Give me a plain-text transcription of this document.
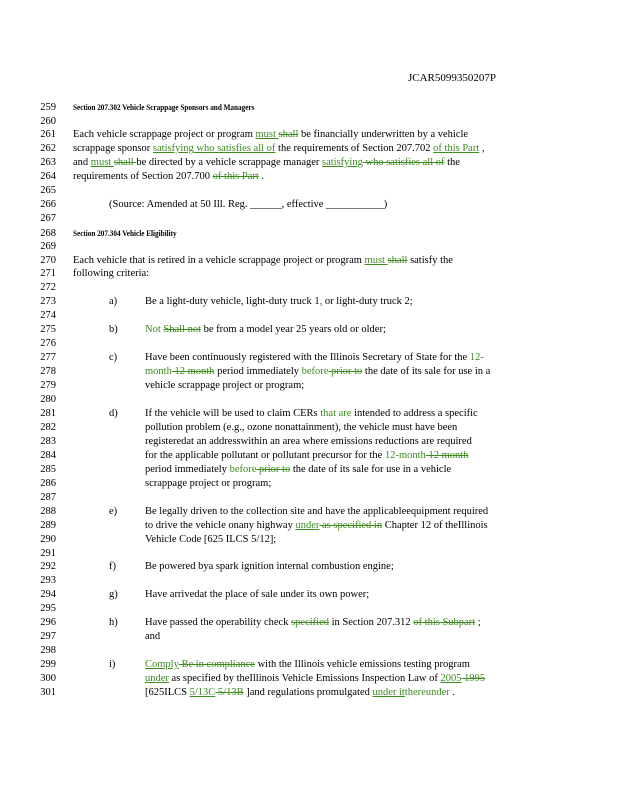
JCAR5099350207P
259
260
261
262
263
264
265
266
267
268
269
270
271
272
273
274
275
276
277
278
279
280
281
282
283
284
285
286
287
288
289
290
291
292
293
294
295
296
297
298
299
300
301
Section 207.302 Vehicle Scrappage Sponsors and Managers
Each vehicle scrappage project or program must shall be financially underwritten by a vehicle
scrappage sponsor satisfying who satisfies all of the requirements of Section 207.702 of this Part ,
and must shall be directed by a vehicle scrappage manager satisfying who satisfies all of the
requirements of Section 207.700 of this Part .
(Source: Amended at 50 Ill. Reg. ______, effective ___________)
Section 207.304 Vehicle Eligibility
Each vehicle that is retired in a vehicle scrappage project or program must shall satisfy the
following criteria:
a)	Be a light-duty vehicle, light-duty truck 1, or light-duty truck 2;
b)	Not Shall not be from a model year 25 years old or older;
c)	Have been continuously registered with the Illinois Secretary of State for the 12-
month 12 month period immediately before prior to the date of its sale for use in a
vehicle scrappage project or program;
d)	If the vehicle will be used to claim CERs that are intended to address a specific
pollution problem (e.g., ozone nonattainment), the vehicle must have been
registeredat an addresswithin an area where emissions reductions are required
for the applicable pollutant or pollutant precursor for the 12-month 12 month
period immediately before prior to the date of its sale for use in a vehicle
scrappage project or program;
e)	Be legally driven to the collection site and have the applicableequipment required
to drive the vehicle onany highway under as specified in Chapter 12 of theIllinois
Vehicle Code [625 ILCS 5/12];
f)	Be powered bya spark ignition internal combustion engine;
g)	Have arrivedat the place of sale under its own power;
h)	Have passed the operability check specified in Section 207.312 of this Subpart ;
and
i)	Comply Be in compliance with the Illinois vehicle emissions testing program
under as specified by theIllinois Vehicle Emissions Inspection Law of 2005 1995
[625ILCS 5/13C 5/13B ]and regulations promulgated under itthereunder .
